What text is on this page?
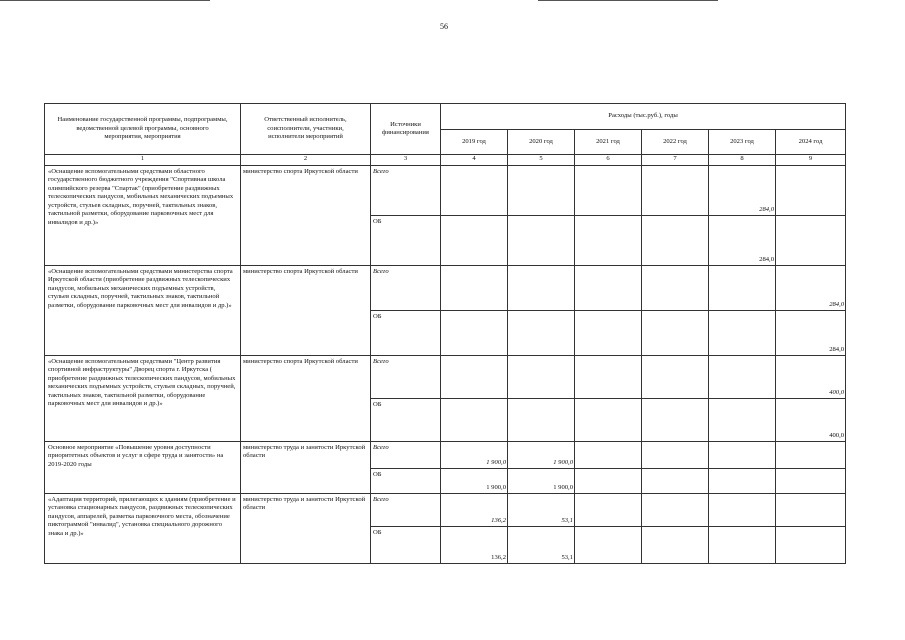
56
Наименование государственной программы, подпрограммы, ведомственной целевой программы, основного мероприятия, мероприятия	Ответственный исполнитель, соисполнители, участники, исполнители мероприятий	Источники финансирования	Расходы (тыс.руб.), годы					
			2019 год	2020 год	2021 год	2022 год	2023 год	2024 год
1	2	3	4	5	6	7	8	9
«Оснащение вспомогательными средствами областного государственного бюджетного учреждения "Спортивная школа олимпийского резерва "Спартак" (приобретение раздвижных телескопических пандусов, мобильных механических подъемных устройств, стульев складных, поручней, тактильных знаков, тактильной разметки, оборудование парковочных мест для инвалидов и др.)»	министерство спорта Иркутской области	Всего					284,0	
		ОБ					284,0	
«Оснащение вспомогательными средствами министерства спорта Иркутской области (приобретение раздвижных телескопических пандусов, мобильных механических подъемных устройств, стульев складных, поручней, тактильных знаков, тактильной разметки, оборудование парковочных мест для инвалидов и др.)»	министерство спорта Иркутской области	Всего						284,0
		ОБ						284,0
«Оснащение вспомогательными средствами "Центр развития спортивной инфраструктуры" Дворец спорта г. Иркутска ( приобретение раздвижных телескопических пандусов, мобильных механических подъемных устройств, стульев складных, поручней, тактильных знаков, тактильной разметки, оборудование парковочных мест для инвалидов и др.)»	министерство спорта Иркутской области	Всего						400,0
		ОБ						400,0
Основное мероприятие «Повышение уровня доступности приоритетных объектов и услуг в сфере труда и занятости» на 2019-2020 годы	министерство труда и занятости Иркутской области	Всего	1 900,0	1 900,0				
		ОБ	1 900,0	1 900,0				
«Адаптация территорий, прилегающих к зданиям (приобретение и установка стационарных пандусов, раздвижных телескопических пандусов, аппарелей, разметка парковочного места, обозначение пиктограммой "инвалид", установка специального дорожного знака и др.)»	министерство труда и занятости Иркутской области	Всего	136,2	53,1				
		ОБ	136,2	53,1				
